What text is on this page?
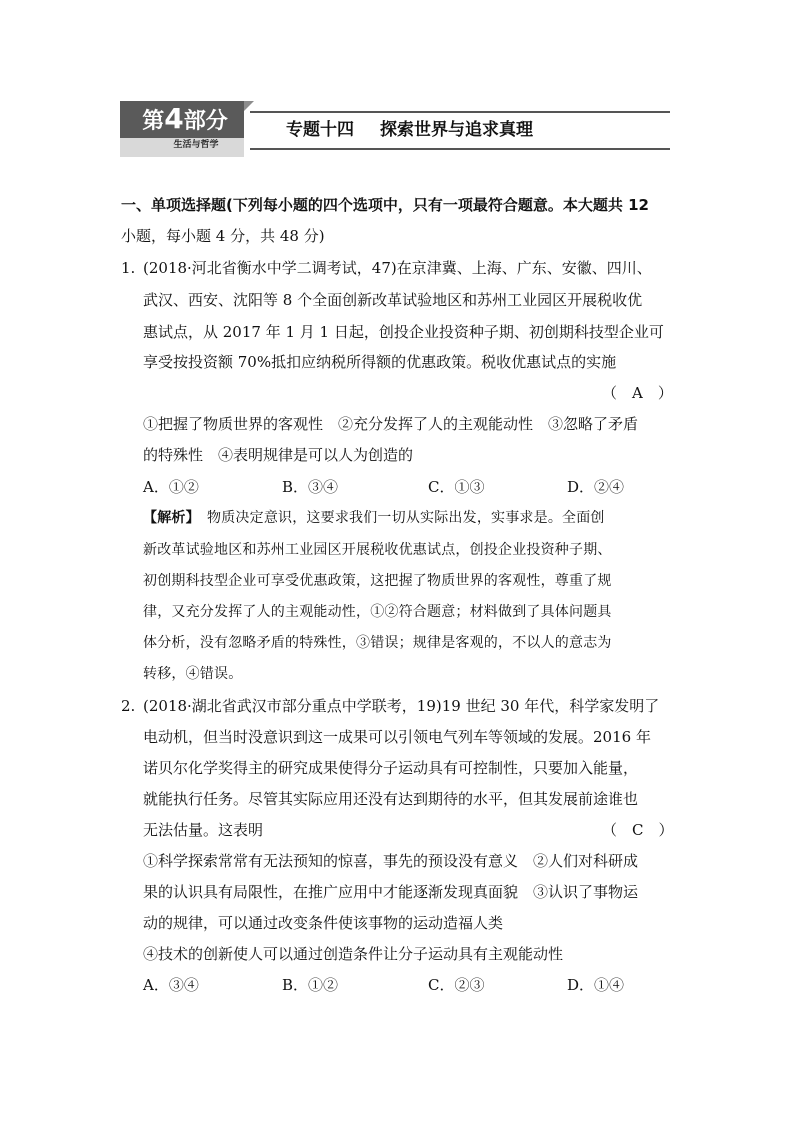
第4部分
生活与哲学
专题十四 探索世界与追求真理
一、单项选择题(下列每小题的四个选项中，只有一项最符合题意。本大题共 12
小题，每小题 4 分，共 48 分)
1. (2018·河北省衡水中学二调考试，47)在京津冀、上海、广东、安徽、四川、
武汉、西安、沈阳等 8 个全面创新改革试验地区和苏州工业园区开展税收优
惠试点，从 2017 年 1 月 1 日起，创投企业投资种子期、初创期科技型企业可
享受按投资额 70%抵扣应纳税所得额的优惠政策。税收优惠试点的实施
（　A　）
①把握了物质世界的客观性　②充分发挥了人的主观能动性　③忽略了矛盾
的特殊性　④表明规律是可以人为创造的
A．①②	B．③④	C．①③	D．②④
【解析】　 物质决定意识，这要求我们一切从实际出发，实事求是。全面创
新改革试验地区和苏州工业园区开展税收优惠试点，创投企业投资种子期、
初创期科技型企业可享受优惠政策，这把握了物质世界的客观性，尊重了规
律，又充分发挥了人的主观能动性，①②符合题意；材料做到了具体问题具
体分析，没有忽略矛盾的特殊性，③错误；规律是客观的，不以人的意志为
转移，④错误。
2. (2018·湖北省武汉市部分重点中学联考，19)19 世纪 30 年代，科学家发明了
电动机，但当时没意识到这一成果可以引领电气列车等领域的发展。2016 年
诺贝尔化学奖得主的研究成果使得分子运动具有可控制性，只要加入能量，
就能执行任务。尽管其实际应用还没有达到期待的水平，但其发展前途谁也
无法估量。这表明	（　C　）
①科学探索常常有无法预知的惊喜，事先的预设没有意义　②人们对科研成
果的认识具有局限性，在推广应用中才能逐渐发现真面貌　③认识了事物运
动的规律，可以通过改变条件使该事物的运动造福人类
④技术的创新使人可以通过创造条件让分子运动具有主观能动性
A．③④	B．①②	C．②③	D．①④
